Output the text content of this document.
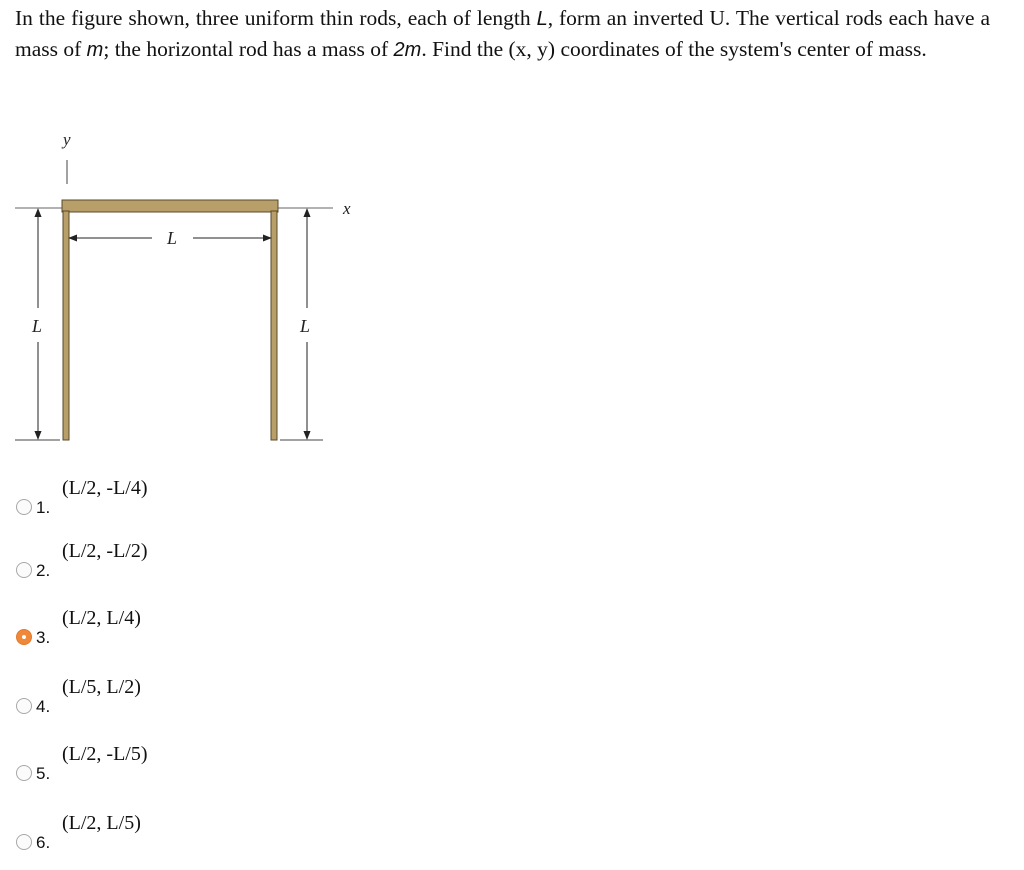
In the figure shown, three uniform thin rods, each of length L, form an inverted U. The vertical rods each have a mass of m; the horizontal rod has a mass of 2m. Find the (x, y) coordinates of the system's center of mass.

y
x
L
L	L
1.
(L/2, -L/4)
2.
(L/2, -L/2)
3.
(L/2, L/4)
4.
(L/5, L/2)
5.
(L/2, -L/5)
6.
(L/2, L/5)
